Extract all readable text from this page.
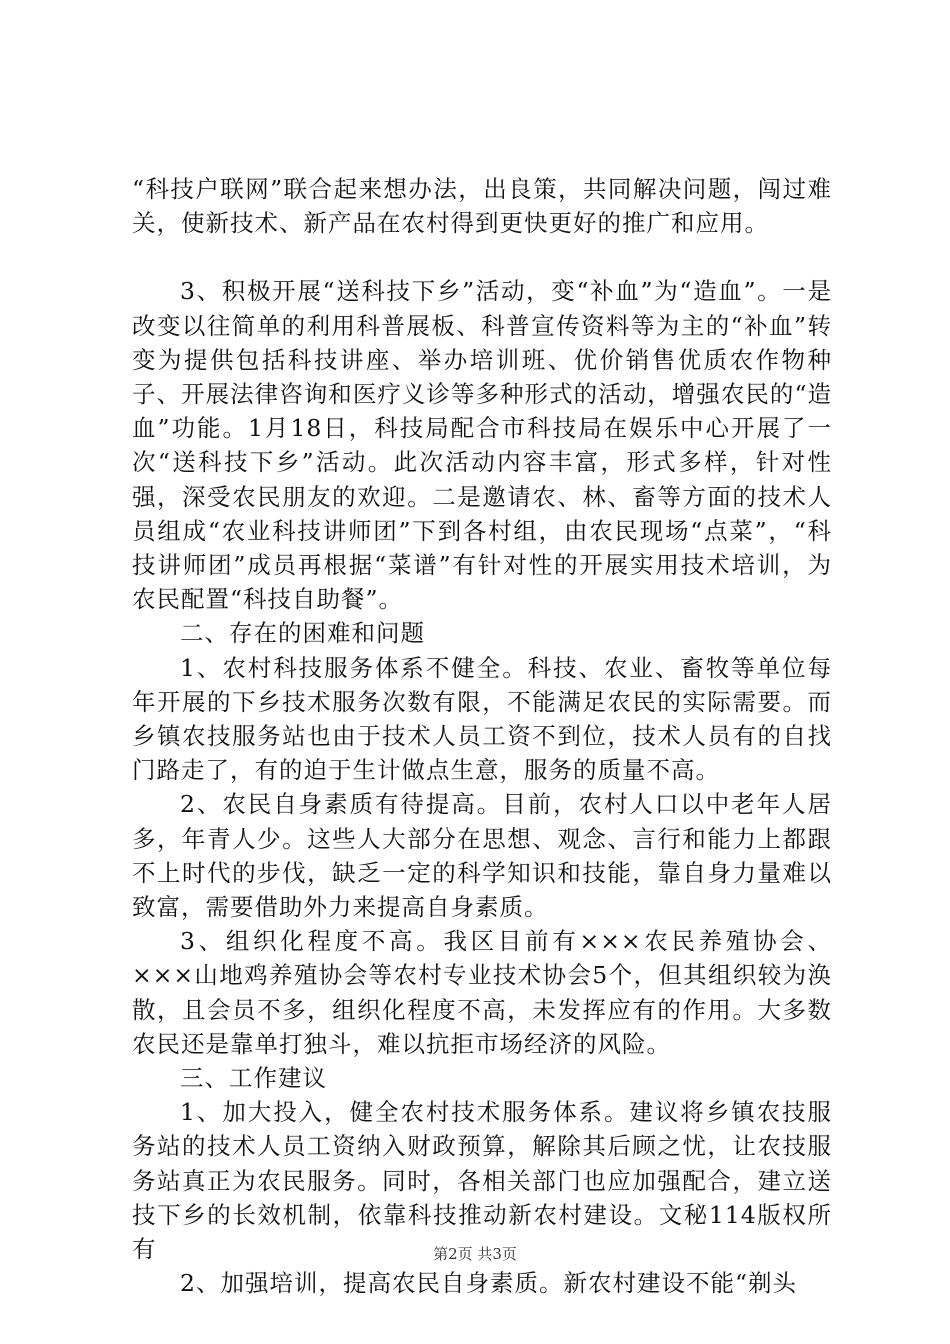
“科技户联网”联合起来想办法，出良策，共同解决问题，闯过难关，使新技术、新产品在农村得到更快更好的推广和应用。

3、积极开展“送科技下乡”活动，变“补血”为“造血”。一是改变以往简单的利用科普展板、科普宣传资料等为主的“补血”转变为提供包括科技讲座、举办培训班、优价销售优质农作物种子、开展法律咨询和医疗义诊等多种形式的活动，增强农民的“造血”功能。1月18日，科技局配合市科技局在娱乐中心开展了一次“送科技下乡”活动。此次活动内容丰富，形式多样，针对性强，深受农民朋友的欢迎。二是邀请农、林、畜等方面的技术人员组成“农业科技讲师团”下到各村组，由农民现场“点菜”，“科技讲师团”成员再根据“菜谱”有针对性的开展实用技术培训，为农民配置“科技自助餐”。

二、存在的困难和问题

1、农村科技服务体系不健全。科技、农业、畜牧等单位每年开展的下乡技术服务次数有限，不能满足农民的实际需要。而乡镇农技服务站也由于技术人员工资不到位，技术人员有的自找门路走了，有的迫于生计做点生意，服务的质量不高。

2、农民自身素质有待提高。目前，农村人口以中老年人居多，年青人少。这些人大部分在思想、观念、言行和能力上都跟不上时代的步伐，缺乏一定的科学知识和技能，靠自身力量难以致富，需要借助外力来提高自身素质。

3、组织化程度不高。我区目前有×××农民养殖协会、×××山地鸡养殖协会等农村专业技术协会5个，但其组织较为涣散，且会员不多，组织化程度不高，未发挥应有的作用。大多数农民还是靠单打独斗，难以抗拒市场经济的风险。

三、工作建议

1、加大投入，健全农村技术服务体系。建议将乡镇农技服务站的技术人员工资纳入财政预算，解除其后顾之忧，让农技服务站真正为农民服务。同时，各相关部门也应加强配合，建立送技下乡的长效机制，依靠科技推动新农村建设。文秘114版权所有

2、加强培训，提高农民自身素质。新农村建设不能“剃头

第2页 共3页
